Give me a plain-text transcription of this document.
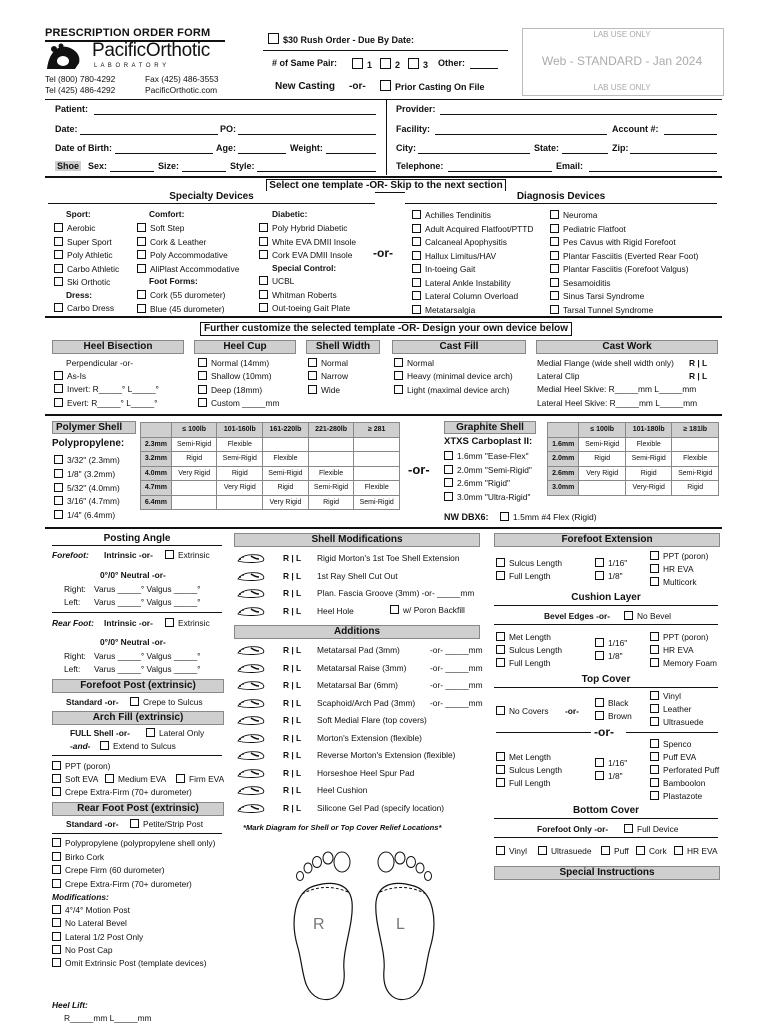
PRESCRIPTION ORDER FORM
PacificOrthotic
L A B O R A T O R Y
Tel (800) 780-4292	Fax (425) 486-3553
Tel (425) 486-4292	PacificOrthotic.com
$30 Rush Order - Due By Date:
# of Same Pair:	1	2	3 Other:
New Casting -or-	Prior Casting On File
LAB USE ONLY
Web - STANDARD - Jan 2024
LAB USE ONLY
Patient:
Date:	PO:
Date of Birth:	Age:	Weight:
Shoe Sex:	Size:	Style:
Provider:
Facility:	Account #:
City:	State:	Zip:
Telephone:	Email:
Select one template -OR- Skip to the next section
Specialty Devices	Diagnosis Devices
Sport:	Comfort:	Diabetic:
Dress:
Foot Forms:
Special Control:
-or-
Further customize the selected template -OR- Design your own device below
Heel Bisection	Heel Cup	Shell Width	Cast Fill	Cast Work
Perpendicular -or-
As-Is
Invert: R_____° L_____°
Evert: R_____° L_____°
Medial Flange (wide shell width only) R | L
Lateral Clip	R | L
Medial Heel Skive: R_____mm L_____mm
Lateral Heel Skive: R_____mm L_____mm
Polymer Shell
Polypropylene:
	≤ 100lb	101-160lb	161-220lb	221-280lb	≥ 281
2.3mm	Semi-Rigid	Flexible			
3.2mm	Rigid	Semi-Rigid	Flexible		
4.0mm	Very Rigid	Rigid	Semi-Rigid	Flexible	
4.7mm		Very Rigid	Rigid	Semi-Rigid	Flexible
6.4mm			Very Rigid	Rigid	Semi-Rigid
-or-
Graphite Shell
XTXS Carboplast II:
	≤ 100lb	101-180lb	≥ 181lb
1.6mm	Semi-Rigid	Flexible	
2.0mm	Rigid	Semi-Rigid	Flexible
2.6mm	Very Rigid	Rigid	Semi-Rigid
3.0mm		Very-Rigid	Rigid
NW DBX6:	1.5mm #4 Flex (Rigid)
Posting Angle
Forefoot: Intrinsic -or-	Extrinsic
0°/0° Neutral -or-
Right: Varus _____° Valgus _____°
Left: Varus _____° Valgus _____°
Rear Foot: Intrinsic -or-	Extrinsic
0°/0° Neutral -or-
Right: Varus _____° Valgus _____°
Left: Varus _____° Valgus _____°
Forefoot Post (extrinsic)
Standard -or-	Crepe to Sulcus
Arch Fill (extrinsic)
FULL Shell -or-	Lateral Only
-and-	Extend to Sulcus
PPT (poron)
Soft EVA	Medium EVA	Firm EVA
Crepe Extra-Firm (70+ durometer)
Rear Foot Post (extrinsic)
Standard -or-	Petite/Strip Post
Modifications:
Heel Lift:
R_____mm L_____mm
Shell Modifications
Additions
*Mark Diagram for Shell or Top Cover Relief Locations*
R	L
Forefoot Extension
Sulcus Length
Full Length
1/16"
1/8"
PPT (poron)
HR EVA
Multicork
Cushion Layer
Bevel Edges -or-	No Bevel
Met Length
Sulcus Length
Full Length
1/16"
1/8"
PPT (poron)
HR EVA
Memory Foam
Top Cover
No Covers -or-
Black
Brown
Vinyl
Leather
Ultrasuede
-or-
Met Length
Sulcus Length
Full Length
1/16"
1/8"
Bottom Cover
Forefoot Only -or-	Full Device
Special Instructions
Aerobic
Super Sport
Poly Athletic
Carbo Athletic
Ski Orthotic
Carbo Dress
Soft Step
Cork & Leather
Poly Accommodative
AliPlast Accommodative
Cork (55 durometer)
Blue (45 durometer)
Poly Hybrid Diabetic
White EVA DMII Insole
Cork EVA DMII Insole
UCBL
Whitman Roberts
Out-toeing Gait Plate
Achilles Tendinitis
Adult Acquired Flatfoot/PTTD
Calcaneal Apophysitis
Hallux Limitus/HAV
In-toeing Gait
Lateral Ankle Instability
Lateral Column Overload
Metatarsalgia
Neuroma
Pediatric Flatfoot
Pes Cavus with Rigid Forefoot
Plantar Fasciitis (Everted Rear Foot)
Plantar Fasciitis (Forefoot Valgus)
Sesamoiditis
Sinus Tarsi Syndrome
Tarsal Tunnel Syndrome
Normal (14mm)
Shallow (10mm)
Deep (18mm)
Custom _____mm
Normal
Narrow
Wide
Normal
Heavy (minimal device arch)
Light (maximal device arch)
3/32" (2.3mm)
1/8" (3.2mm)
5/32" (4.0mm)
3/16" (4.7mm)
1/4" (6.4mm)
1.6mm "Ease-Flex"
2.0mm "Semi-Rigid"
2.6mm "Rigid"
3.0mm "Ultra-Rigid"
Polypropylene (polypropylene shell only)
Birko Cork
Crepe Firm (60 durometer)
Crepe Extra-Firm (70+ durometer)
4°/4° Motion Post
No Lateral Bevel
Lateral 1/2 Post Only
No Post Cap
Omit Extrinsic Post (template devices)
Spenco
Puff EVA
Perforated Puff
Bamboolon
Plastazote
Vinyl	Ultrasuede	Puff	Cork	HR EVA
R | L Rigid Morton's 1st Toe Shell Extension
R | L 1st Ray Shell Cut Out
R | L Plan. Fascia Groove (3mm) -or- _____mm
R | L Heel Hole
R | L Metatarsal Pad (3mm)	-or- _____mm
R | L Metatarsal Raise (3mm)	-or- _____mm
R | L Metatarsal Bar (6mm)	-or- _____mm
R | L Scaphoid/Arch Pad (3mm) -or- _____mm
R | L Soft Medial Flare (top covers)
R | L Morton's Extension (flexible)
R | L Reverse Morton's Extension (flexible)
R | L Horseshoe Heel Spur Pad
R | L Heel Cushion
R | L Silicone Gel Pad (specify location)
w/ Poron Backfill
